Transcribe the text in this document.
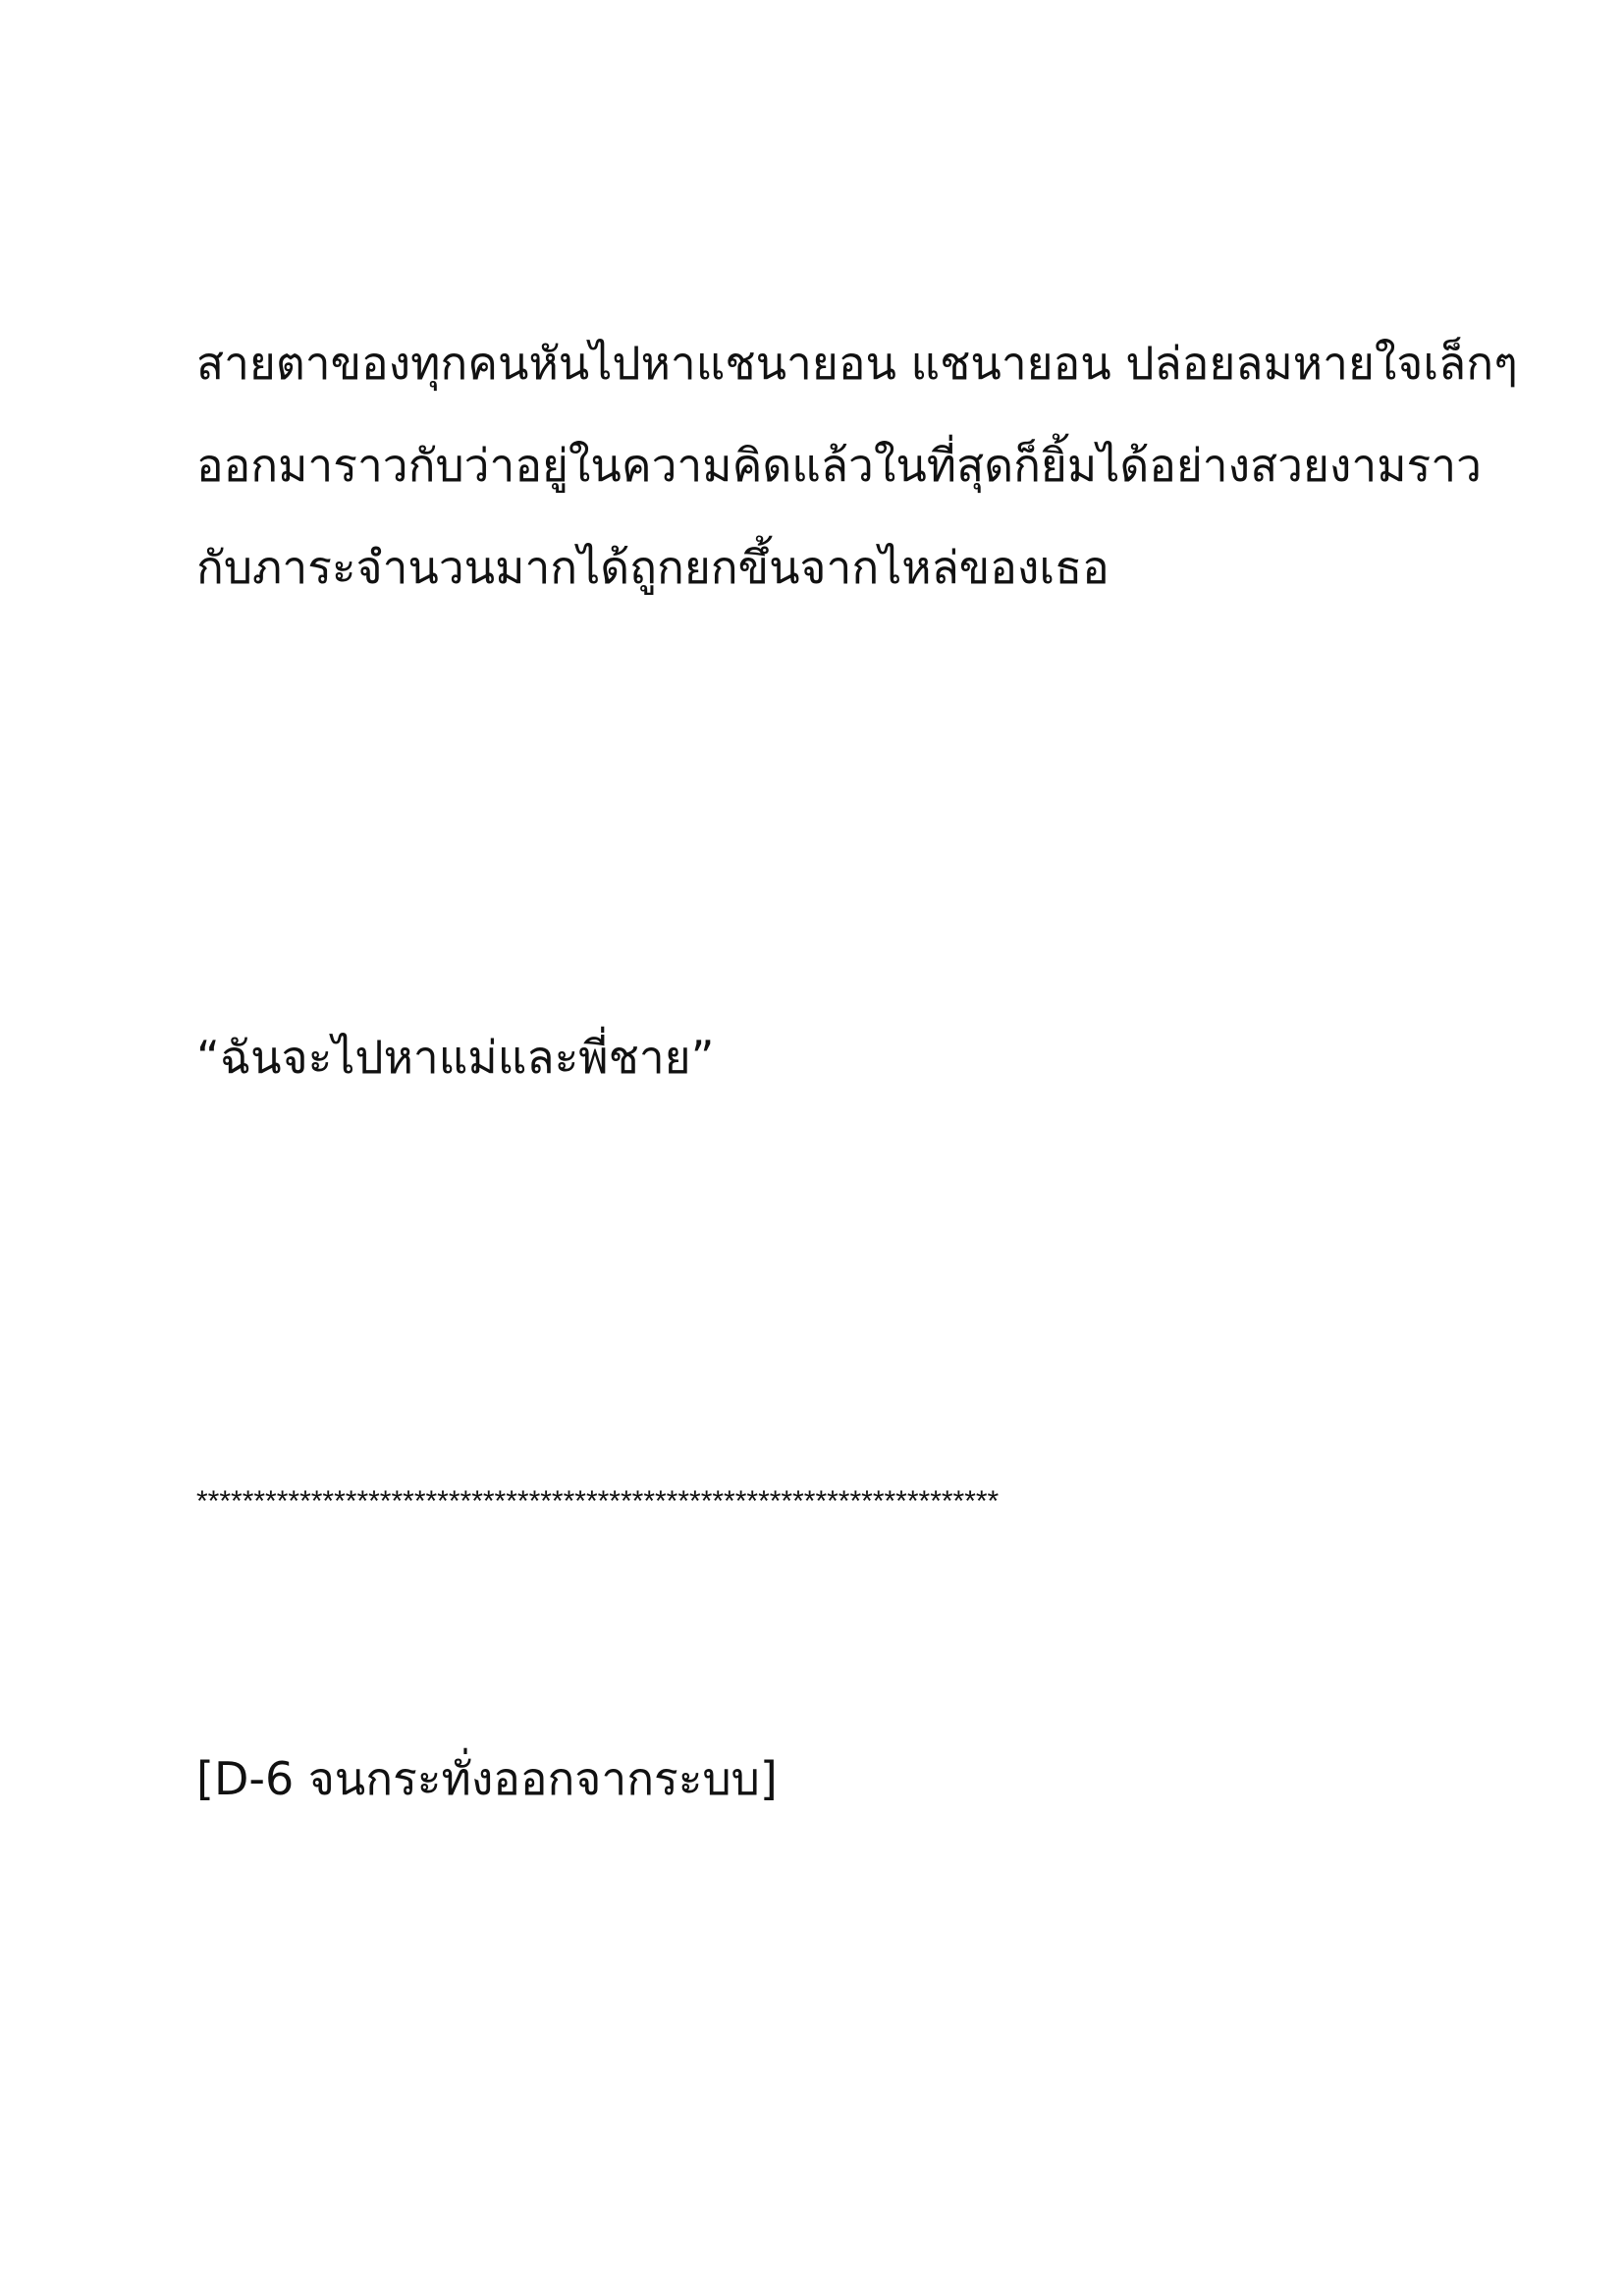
สายตาของทุกคนหันไปหาแชนายอน แชนายอน ปล่อยลมหายใจเล็กๆ
ออกมาราวกับว่าอยู่ในความคิดแล้วในที่สุดก็ยิ้มได้อย่างสวยงามราว
กับภาระจำนวนมากได้ถูกยกขึ้นจากไหล่ของเธอ
“ฉันจะไปหาแม่และพี่ชาย”
**********************************************************************
[D-6 จนกระทั่งออกจากระบบ]
